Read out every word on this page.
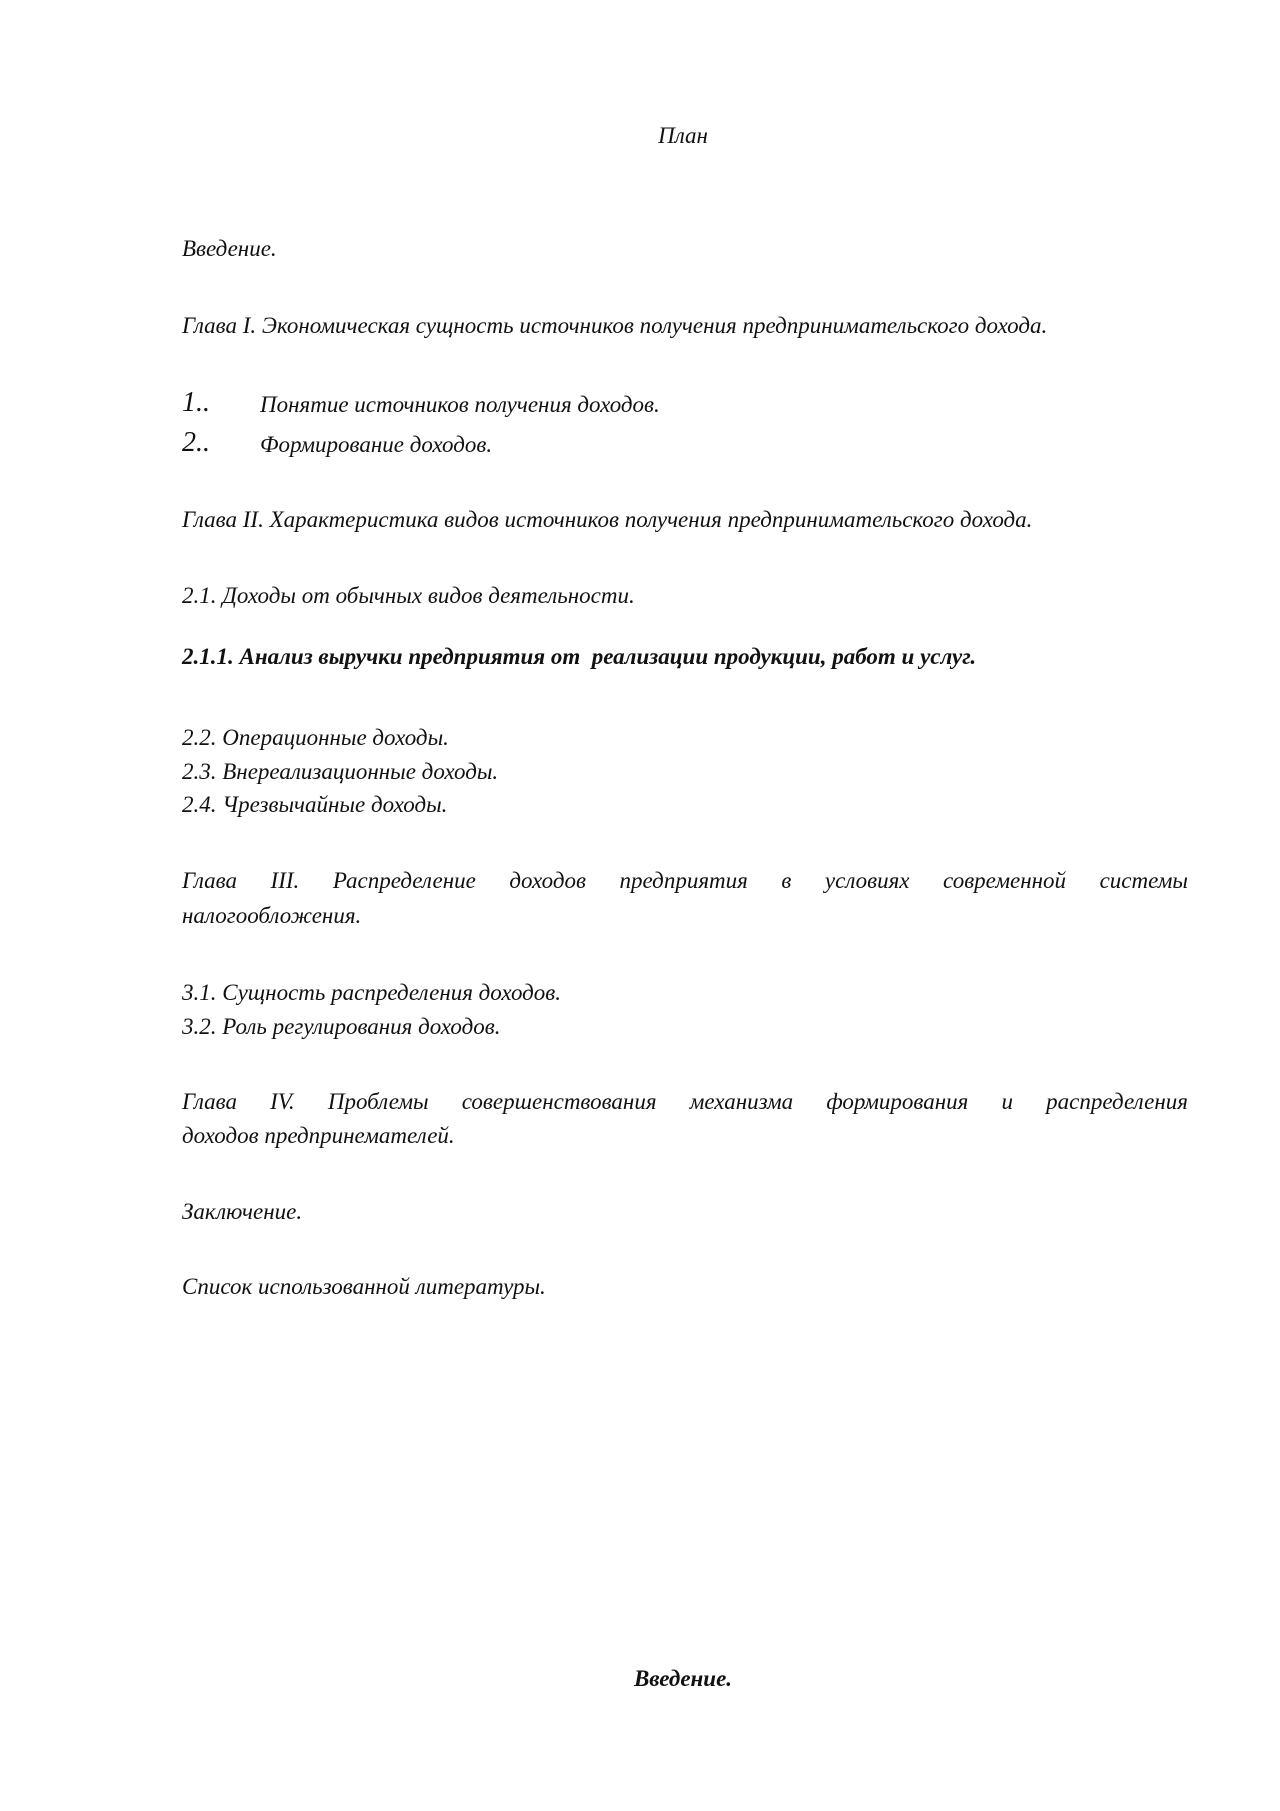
План
Введение.
Глава I. Экономическая сущность источников получения предпринимательского дохода.
1.. Понятие источников получения доходов.
2.. Формирование доходов.
Глава II. Характеристика видов источников получения предпринимательского дохода.
2.1. Доходы от обычных видов деятельности.
2.1.1. Анализ выручки предприятия от  реализации продукции, работ и услуг.
2.2. Операционные доходы.
2.3. Внереализационные доходы.
2.4. Чрезвычайные доходы.
Глава III. Распределение доходов предприятия в условиях современной системы
налогообложения.
3.1. Сущность распределения доходов.
3.2. Роль регулирования доходов.
Глава IV. Проблемы совершенствования механизма формирования и распределения
доходов предпринемателей.
Заключение.
Список использованной литературы.
Введение.
